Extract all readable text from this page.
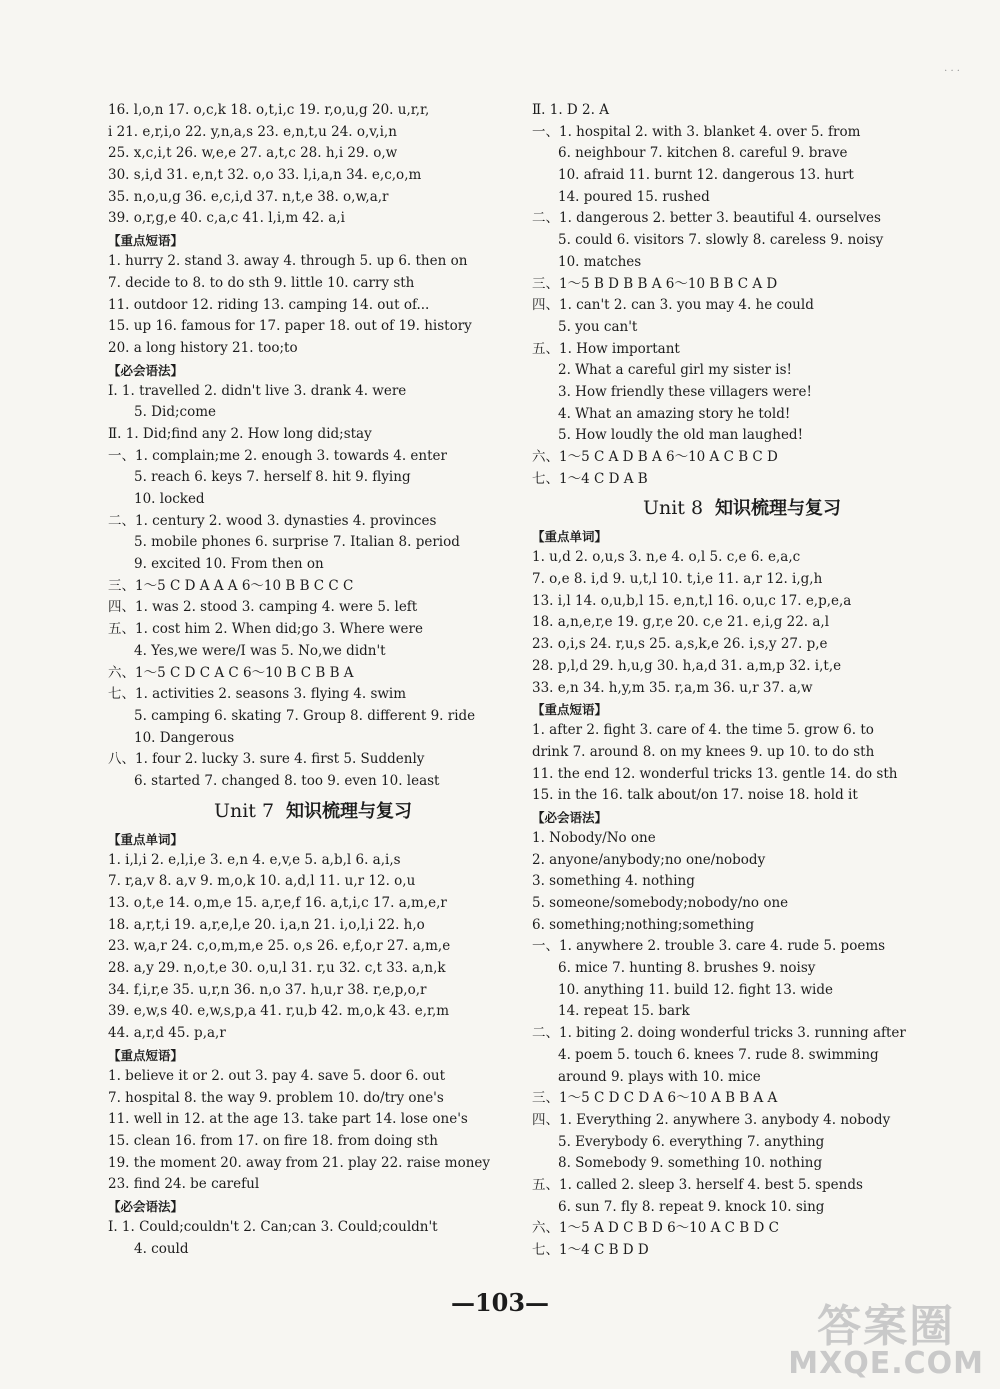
· · ·
16. l,o,n 17. o,c,k 18. o,t,i,c 19. r,o,u,g 20. u,r,r,
i 21. e,r,i,o 22. y,n,a,s 23. e,n,t,u 24. o,v,i,n
25. x,c,i,t 26. w,e,e 27. a,t,c 28. h,i 29. o,w
30. s,i,d 31. e,n,t 32. o,o 33. l,i,a,n 34. e,c,o,m
35. n,o,u,g 36. e,c,i,d 37. n,t,e 38. o,w,a,r
39. o,r,g,e 40. c,a,c 41. l,i,m 42. a,i
【重点短语】
1. hurry 2. stand 3. away 4. through 5. up 6. then on
7. decide to 8. to do sth 9. little 10. carry sth
11. outdoor 12. riding 13. camping 14. out of...
15. up 16. famous for 17. paper 18. out of 19. history
20. a long history 21. too;to
【必会语法】
Ⅰ. 1. travelled 2. didn't live 3. drank 4. were
5. Did;come
Ⅱ. 1. Did;find any 2. How long did;stay
一、1. complain;me 2. enough 3. towards 4. enter
5. reach 6. keys 7. herself 8. hit 9. flying
10. locked
二、1. century 2. wood 3. dynasties 4. provinces
5. mobile phones 6. surprise 7. Italian 8. period
9. excited 10. From then on
三、1～5 C D A A A 6～10 B B C C C
四、1. was 2. stood 3. camping 4. were 5. left
五、1. cost him 2. When did;go 3. Where were
4. Yes,we were/I was 5. No,we didn't
六、1～5 C D C A C 6～10 B C B B A
七、1. activities 2. seasons 3. flying 4. swim
5. camping 6. skating 7. Group 8. different 9. ride
10. Dangerous
八、1. four 2. lucky 3. sure 4. first 5. Suddenly
6. started 7. changed 8. too 9. even 10. least
Unit 7 知识梳理与复习
【重点单词】
1. i,l,i 2. e,l,i,e 3. e,n 4. e,v,e 5. a,b,l 6. a,i,s
7. r,a,v 8. a,v 9. m,o,k 10. a,d,l 11. u,r 12. o,u
13. o,t,e 14. o,m,e 15. a,r,e,f 16. a,t,i,c 17. a,m,e,r
18. a,r,t,i 19. a,r,e,l,e 20. i,a,n 21. i,o,l,i 22. h,o
23. w,a,r 24. c,o,m,m,e 25. o,s 26. e,f,o,r 27. a,m,e
28. a,y 29. n,o,t,e 30. o,u,l 31. r,u 32. c,t 33. a,n,k
34. f,i,r,e 35. u,r,n 36. n,o 37. h,u,r 38. r,e,p,o,r
39. e,w,s 40. e,w,s,p,a 41. r,u,b 42. m,o,k 43. e,r,m
44. a,r,d 45. p,a,r
【重点短语】
1. believe it or 2. out 3. pay 4. save 5. door 6. out
7. hospital 8. the way 9. problem 10. do/try one's
11. well in 12. at the age 13. take part 14. lose one's
15. clean 16. from 17. on fire 18. from doing sth
19. the moment 20. away from 21. play 22. raise money
23. find 24. be careful
【必会语法】
Ⅰ. 1. Could;couldn't 2. Can;can 3. Could;couldn't
4. could
Ⅱ. 1. D 2. A
一、1. hospital 2. with 3. blanket 4. over 5. from
6. neighbour 7. kitchen 8. careful 9. brave
10. afraid 11. burnt 12. dangerous 13. hurt
14. poured 15. rushed
二、1. dangerous 2. better 3. beautiful 4. ourselves
5. could 6. visitors 7. slowly 8. careless 9. noisy
10. matches
三、1～5 B D B B A 6～10 B B C A D
四、1. can't 2. can 3. you may 4. he could
5. you can't
五、1. How important
2. What a careful girl my sister is!
3. How friendly these villagers were!
4. What an amazing story he told!
5. How loudly the old man laughed!
六、1～5 C A D B A 6～10 A C B C D
七、1～4 C D A B
Unit 8 知识梳理与复习
【重点单词】
1. u,d 2. o,u,s 3. n,e 4. o,l 5. c,e 6. e,a,c
7. o,e 8. i,d 9. u,t,l 10. t,i,e 11. a,r 12. i,g,h
13. i,l 14. o,u,b,l 15. e,n,t,l 16. o,u,c 17. e,p,e,a
18. a,n,e,r,e 19. g,r,e 20. c,e 21. e,i,g 22. a,l
23. o,i,s 24. r,u,s 25. a,s,k,e 26. i,s,y 27. p,e
28. p,l,d 29. h,u,g 30. h,a,d 31. a,m,p 32. i,t,e
33. e,n 34. h,y,m 35. r,a,m 36. u,r 37. a,w
【重点短语】
1. after 2. fight 3. care of 4. the time 5. grow 6. to
drink 7. around 8. on my knees 9. up 10. to do sth
11. the end 12. wonderful tricks 13. gentle 14. do sth
15. in the 16. talk about/on 17. noise 18. hold it
【必会语法】
1. Nobody/No one
2. anyone/anybody;no one/nobody
3. something 4. nothing
5. someone/somebody;nobody/no one
6. something;nothing;something
一、1. anywhere 2. trouble 3. care 4. rude 5. poems
6. mice 7. hunting 8. brushes 9. noisy
10. anything 11. build 12. fight 13. wide
14. repeat 15. bark
二、1. biting 2. doing wonderful tricks 3. running after
4. poem 5. touch 6. knees 7. rude 8. swimming
around 9. plays with 10. mice
三、1～5 C D C D A 6～10 A B B A A
四、1. Everything 2. anywhere 3. anybody 4. nobody
5. Everybody 6. everything 7. anything
8. Somebody 9. something 10. nothing
五、1. called 2. sleep 3. herself 4. best 5. spends
6. sun 7. fly 8. repeat 9. knock 10. sing
六、1～5 A D C B D 6～10 A C B D C
七、1～4 C B D D
—103—	答案圈
MXQE.COM
